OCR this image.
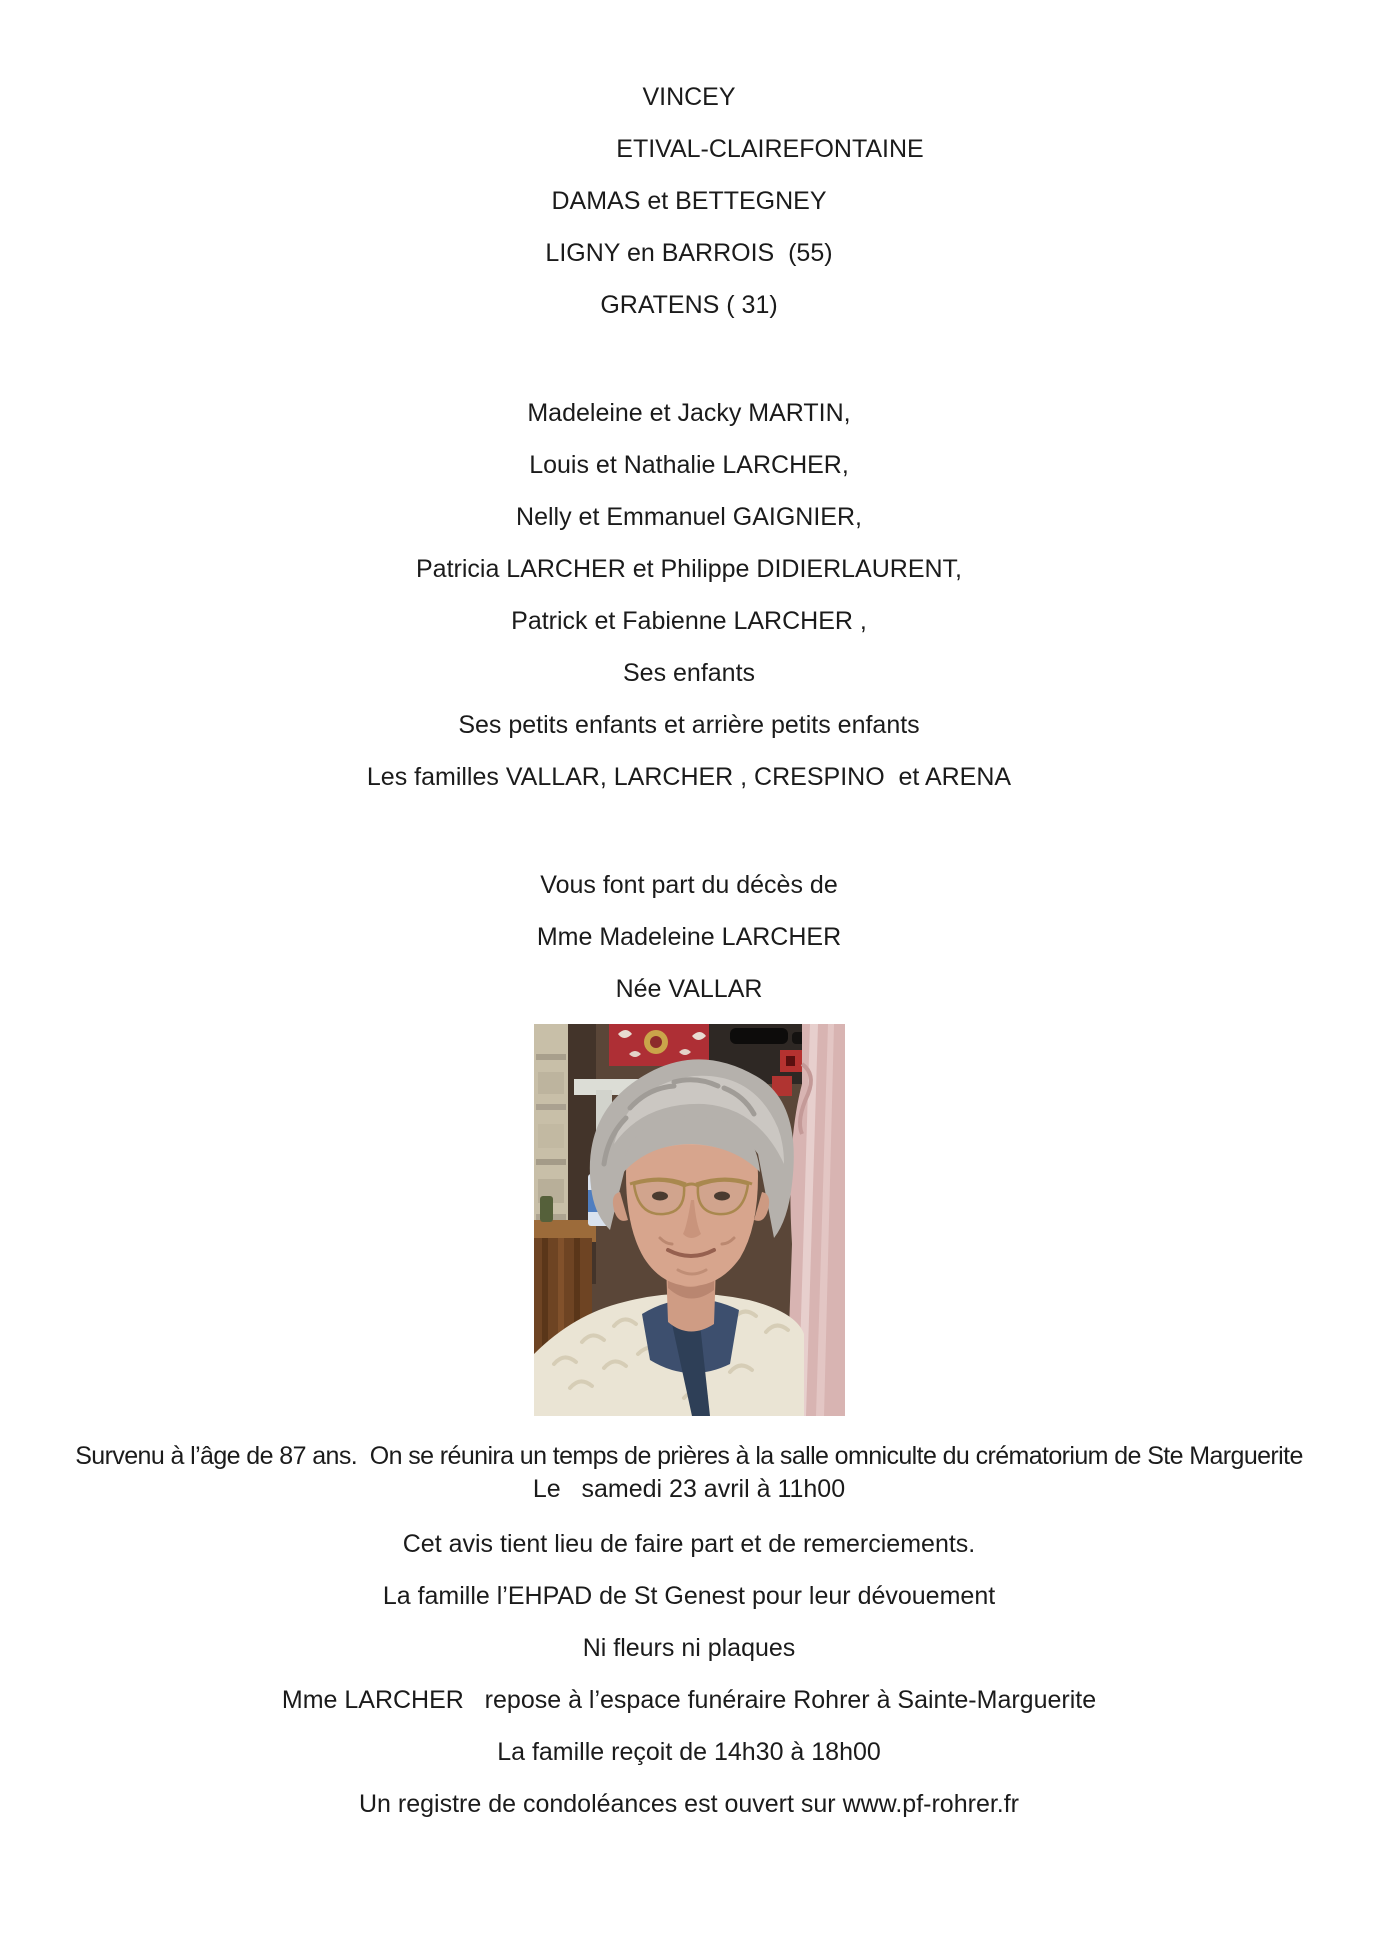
VINCEY
ETIVAL-CLAIREFONTAINE
DAMAS et BETTEGNEY
LIGNY en BARROIS  (55)
GRATENS ( 31)
Madeleine et Jacky MARTIN,
Louis et Nathalie LARCHER,
Nelly et Emmanuel GAIGNIER,
Patricia LARCHER et Philippe DIDIERLAURENT,
Patrick et Fabienne LARCHER ,
Ses enfants
Ses petits enfants et arrière petits enfants
Les familles VALLAR, LARCHER , CRESPINO  et ARENA
Vous font part du décès de
Mme Madeleine LARCHER
Née VALLAR
Survenu à l’âge de 87 ans.  On se réunira un temps de prières à la salle omniculte du crématorium de Ste Marguerite
Le   samedi 23 avril à 11h00
Cet avis tient lieu de faire part et de remerciements.
La famille l’EHPAD de St Genest pour leur dévouement
Ni fleurs ni plaques
Mme LARCHER   repose à l’espace funéraire Rohrer à Sainte-Marguerite
La famille reçoit de 14h30 à 18h00
Un registre de condoléances est ouvert sur www.pf-rohrer.fr
